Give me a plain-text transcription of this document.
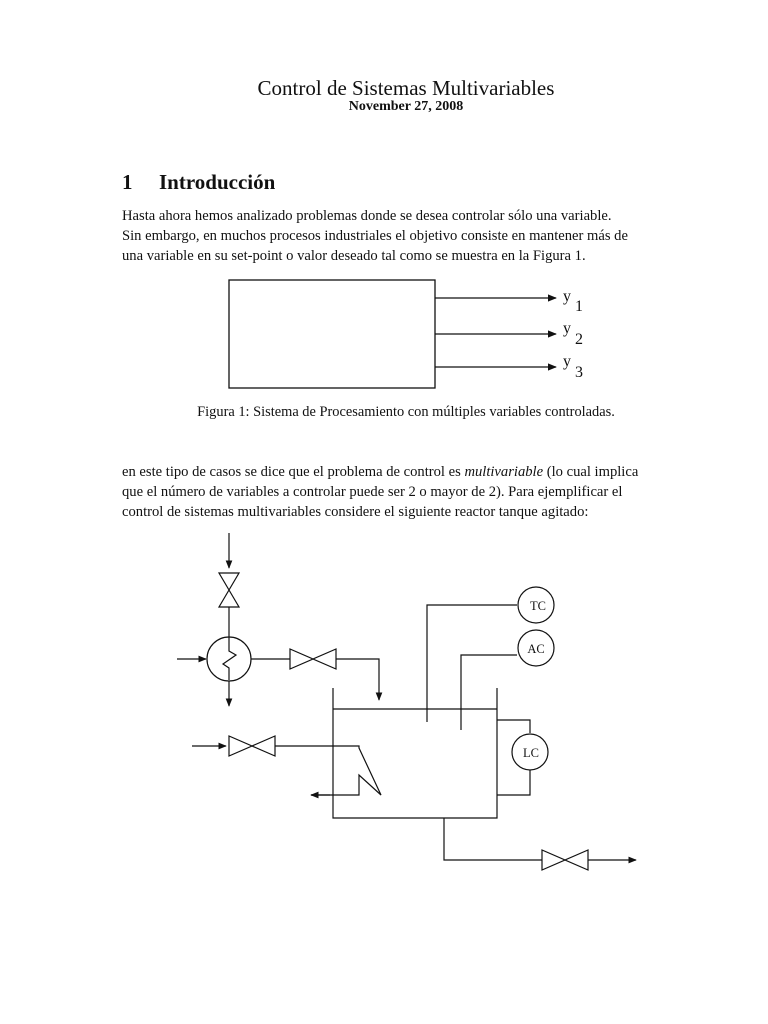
Control de Sistemas Multivariables
November 27, 2008
1 Introducción
Hasta ahora hemos analizado problemas donde se desea controlar sólo una variable.
Sin embargo, en muchos procesos industriales el objetivo consiste en mantener más de
una variable en su set-point o valor deseado tal como se muestra en la Figura 1.
Figura 1: Sistema de Procesamiento con múltiples variables controladas.
en este tipo de casos se dice que el problema de control es multivariable (lo cual implica
que el número de variables a controlar puede ser 2 o mayor de 2). Para ejemplificar el
control de sistemas multivariables considere el siguiente reactor tanque agitado:
y
1
y
2
y
3
TC
AC
LC
